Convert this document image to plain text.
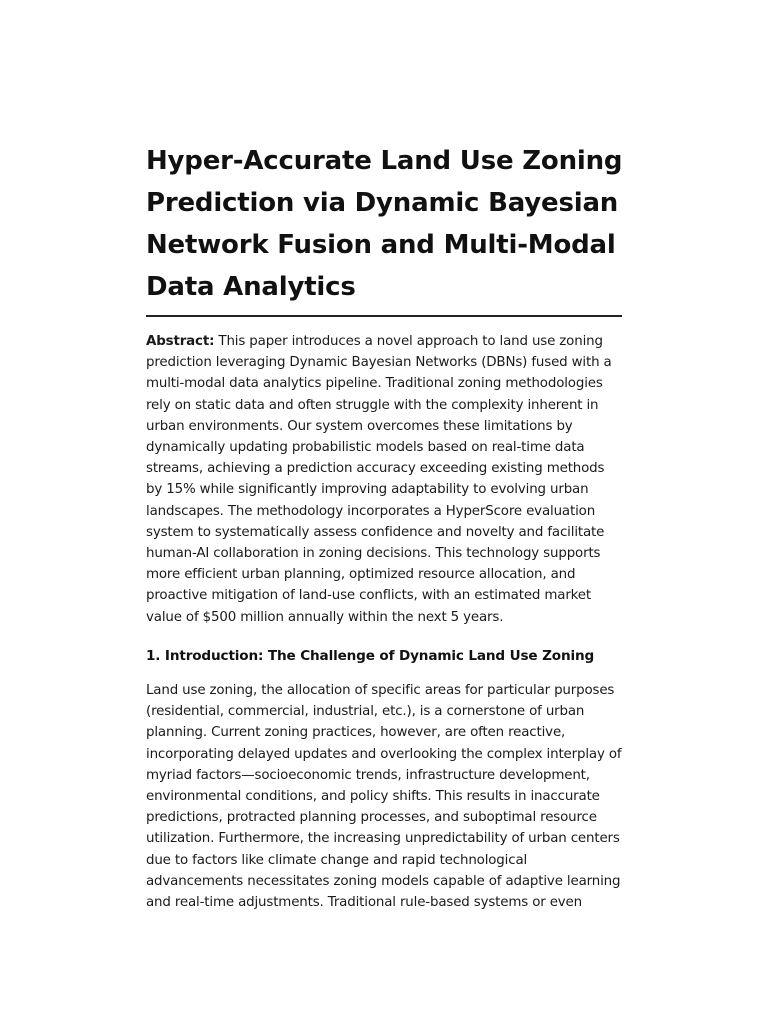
Hyper-Accurate Land Use Zoning Prediction via Dynamic Bayesian Network Fusion and Multi-Modal Data Analytics

Abstract: This paper introduces a novel approach to land use zoning prediction leveraging Dynamic Bayesian Networks (DBNs) fused with a multi-modal data analytics pipeline. Traditional zoning methodologies rely on static data and often struggle with the complexity inherent in urban environments. Our system overcomes these limitations by dynamically updating probabilistic models based on real-time data streams, achieving a prediction accuracy exceeding existing methods by 15% while significantly improving adaptability to evolving urban landscapes. The methodology incorporates a HyperScore evaluation system to systematically assess confidence and novelty and facilitate human-AI collaboration in zoning decisions. This technology supports more efficient urban planning, optimized resource allocation, and proactive mitigation of land-use conflicts, with an estimated market value of $500 million annually within the next 5 years.

1. Introduction: The Challenge of Dynamic Land Use Zoning

Land use zoning, the allocation of specific areas for particular purposes (residential, commercial, industrial, etc.), is a cornerstone of urban planning. Current zoning practices, however, are often reactive, incorporating delayed updates and overlooking the complex interplay of myriad factors—socioeconomic trends, infrastructure development, environmental conditions, and policy shifts. This results in inaccurate predictions, protracted planning processes, and suboptimal resource utilization. Furthermore, the increasing unpredictability of urban centers due to factors like climate change and rapid technological advancements necessitates zoning models capable of adaptive learning and real-time adjustments. Traditional rule-based systems or even
